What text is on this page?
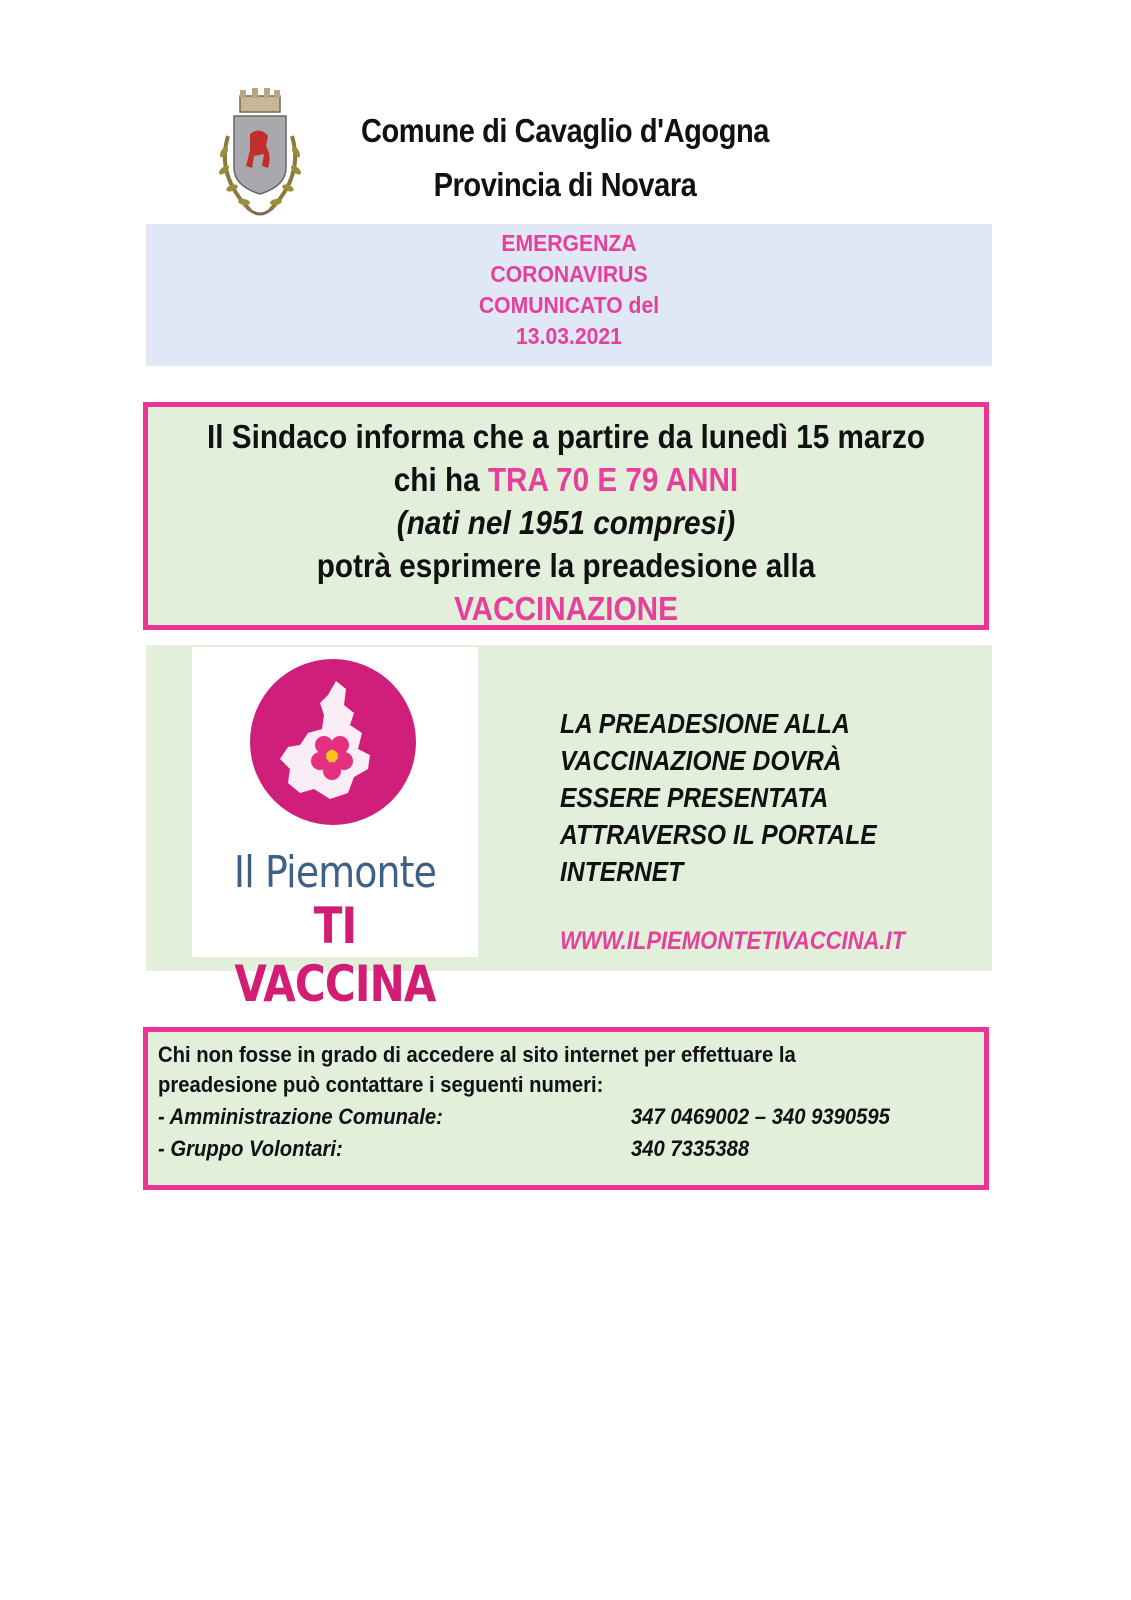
Comune di Cavaglio d'Agogna
Provincia di Novara
EMERGENZA
CORONAVIRUS
COMUNICATO del
13.03.2021
Il Sindaco informa che a partire da lunedì 15 marzo
chi ha TRA 70 E 79 ANNI
(nati nel 1951 compresi)
potrà esprimere la preadesione alla
VACCINAZIONE
Il Piemonte
TI VACCINA
LA PREADESIONE ALLA
VACCINAZIONE DOVRÀ
ESSERE PRESENTATA
ATTRAVERSO IL PORTALE
INTERNET
WWW.ILPIEMONTETIVACCINA.IT
Chi non fosse in grado di accedere al sito internet per effettuare la
preadesione può contattare i seguenti numeri:
- Amministrazione Comunale:	347 0469002 – 340 9390595
- Gruppo Volontari:	340 7335388
